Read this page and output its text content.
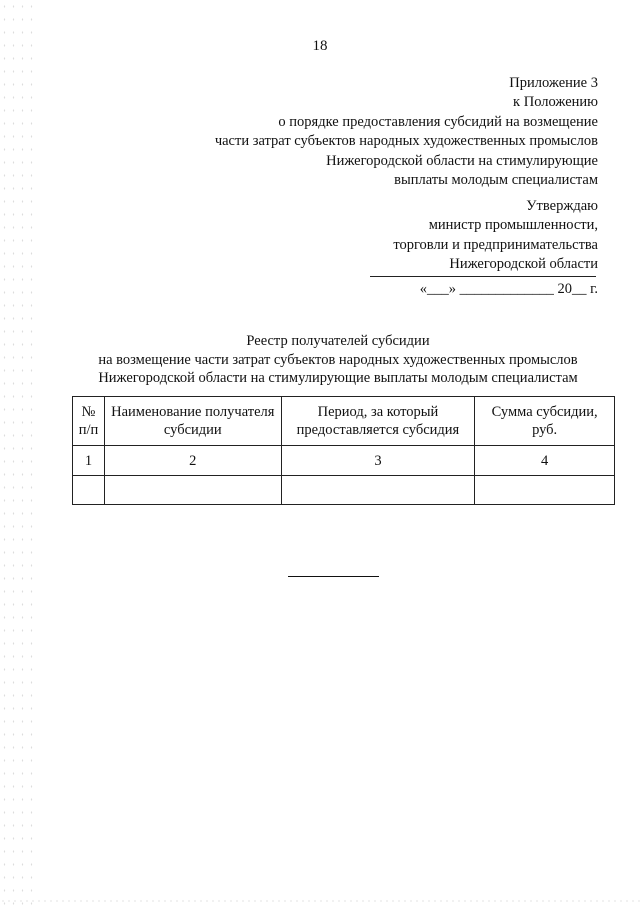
18
Приложение 3
к Положению
о порядке предоставления субсидий на возмещение
части затрат субъектов народных художественных промыслов
Нижегородской области на стимулирующие
выплаты молодым специалистам
Утверждаю
министр промышленности,
торговли и предпринимательства
Нижегородской области
«___» _____________ 20__ г.
Реестр получателей субсидии
на возмещение части затрат субъектов народных художественных промыслов
Нижегородской области на стимулирующие выплаты молодым специалистам
№ п/п	Наименование получателя субсидии	Период, за который предоставляется субсидия	Сумма субсидии, руб.
1	2	3	4
